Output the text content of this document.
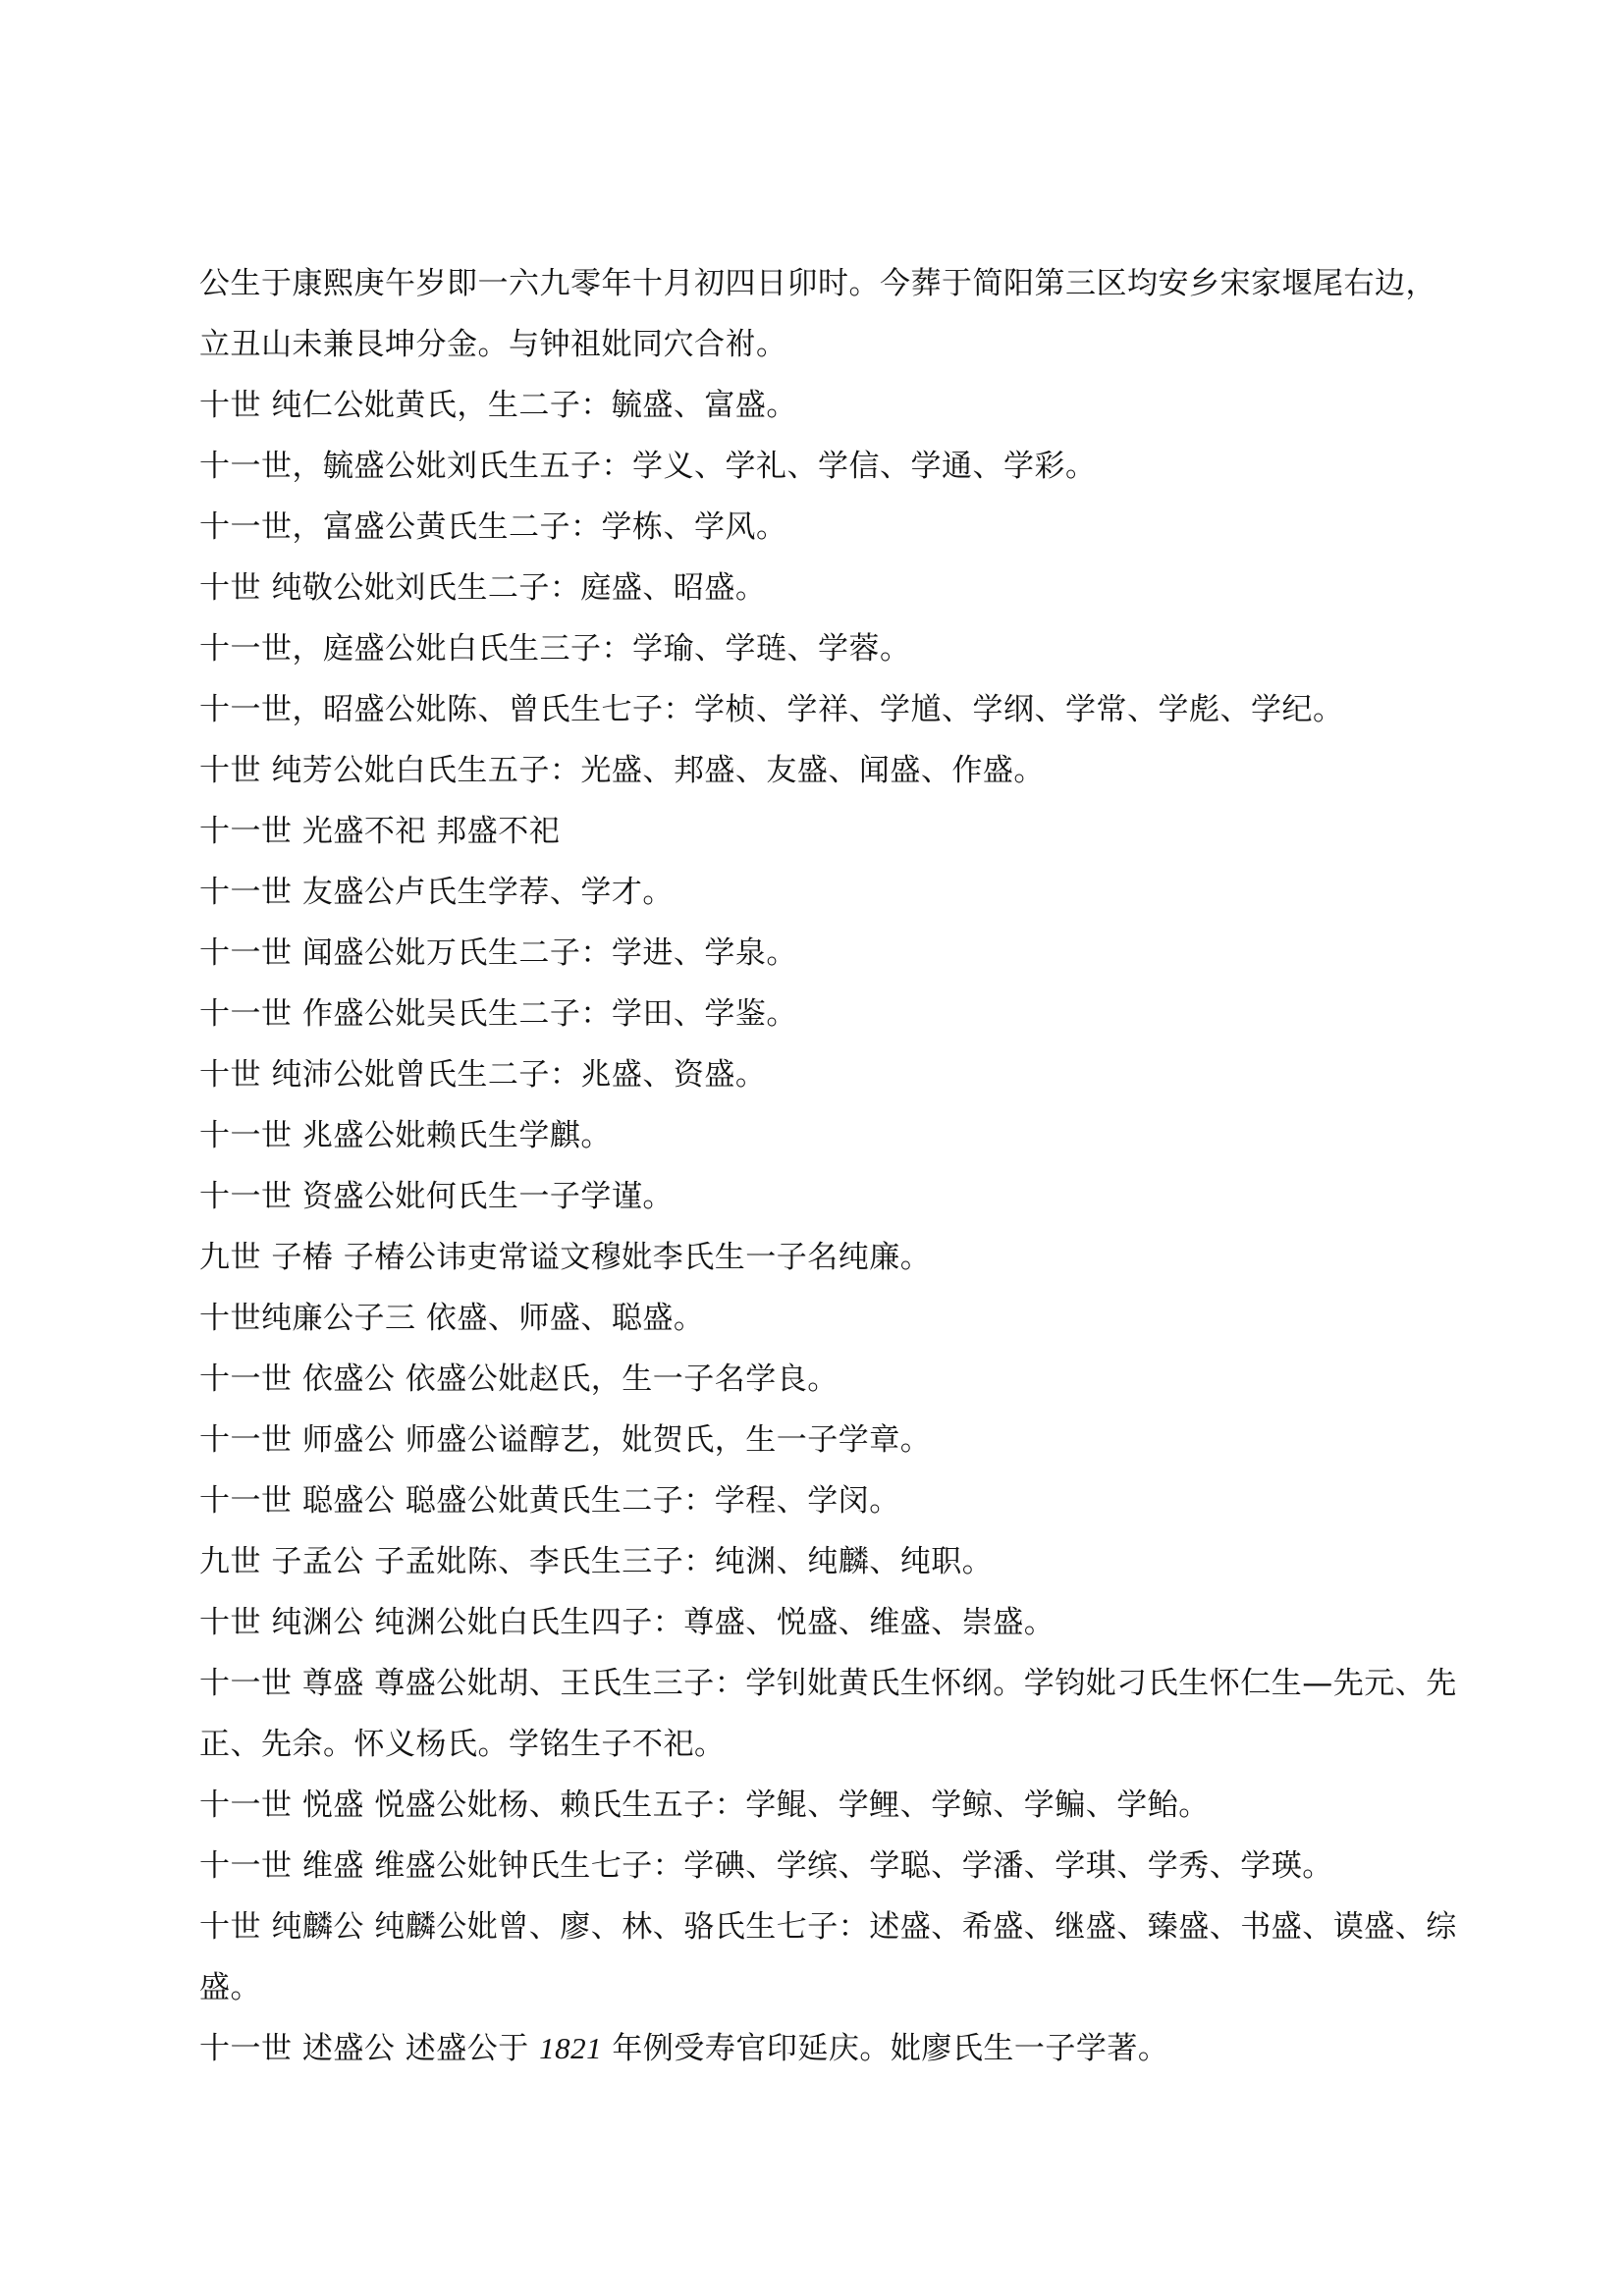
公生于康熙庚午岁即一六九零年十月初四日卯时。今葬于简阳第三区均安乡宋家堰尾右边，立丑山未兼艮坤分金。与钟祖妣同穴合祔。

十世 纯仁公妣黄氏，生二子：毓盛、富盛。

十一世，毓盛公妣刘氏生五子：学义、学礼、学信、学通、学彩。

十一世，富盛公黄氏生二子：学栋、学风。

十世 纯敬公妣刘氏生二子：庭盛、昭盛。

十一世，庭盛公妣白氏生三子：学瑜、学琏、学蓉。

十一世，昭盛公妣陈、曾氏生七子：学桢、学祥、学馗、学纲、学常、学彪、学纪。

十世 纯芳公妣白氏生五子：光盛、邦盛、友盛、闻盛、作盛。

十一世 光盛不祀 邦盛不祀

十一世 友盛公卢氏生学荐、学才。

十一世 闻盛公妣万氏生二子：学进、学泉。

十一世 作盛公妣吴氏生二子：学田、学鉴。

十世 纯沛公妣曾氏生二子：兆盛、资盛。

十一世 兆盛公妣赖氏生学麒。

十一世 资盛公妣何氏生一子学谨。

九世 子椿 子椿公讳吏常谥文穆妣李氏生一子名纯廉。

十世纯廉公子三 依盛、师盛、聪盛。

十一世 依盛公 依盛公妣赵氏，生一子名学良。

十一世 师盛公 师盛公谥醇艺，妣贺氏，生一子学章。

十一世 聪盛公 聪盛公妣黄氏生二子：学程、学闵。

九世 子孟公 子孟妣陈、李氏生三子：纯渊、纯麟、纯职。

十世 纯渊公 纯渊公妣白氏生四子：尊盛、悦盛、维盛、崇盛。

十一世 尊盛 尊盛公妣胡、王氏生三子：学钊妣黄氏生怀纲。学钧妣刁氏生怀仁生—先元、先正、先余。怀义杨氏。学铭生子不祀。

十一世 悦盛 悦盛公妣杨、赖氏生五子：学鲲、学鲤、学鲸、学鳊、学鲐。

十一世 维盛 维盛公妣钟氏生七子：学碘、学缤、学聪、学潘、学琪、学秀、学瑛。

十世 纯麟公 纯麟公妣曾、廖、林、骆氏生七子：述盛、希盛、继盛、臻盛、书盛、谟盛、综 盛。

十一世 述盛公 述盛公于 1821 年例受寿官印延庆。妣廖氏生一子学著。
